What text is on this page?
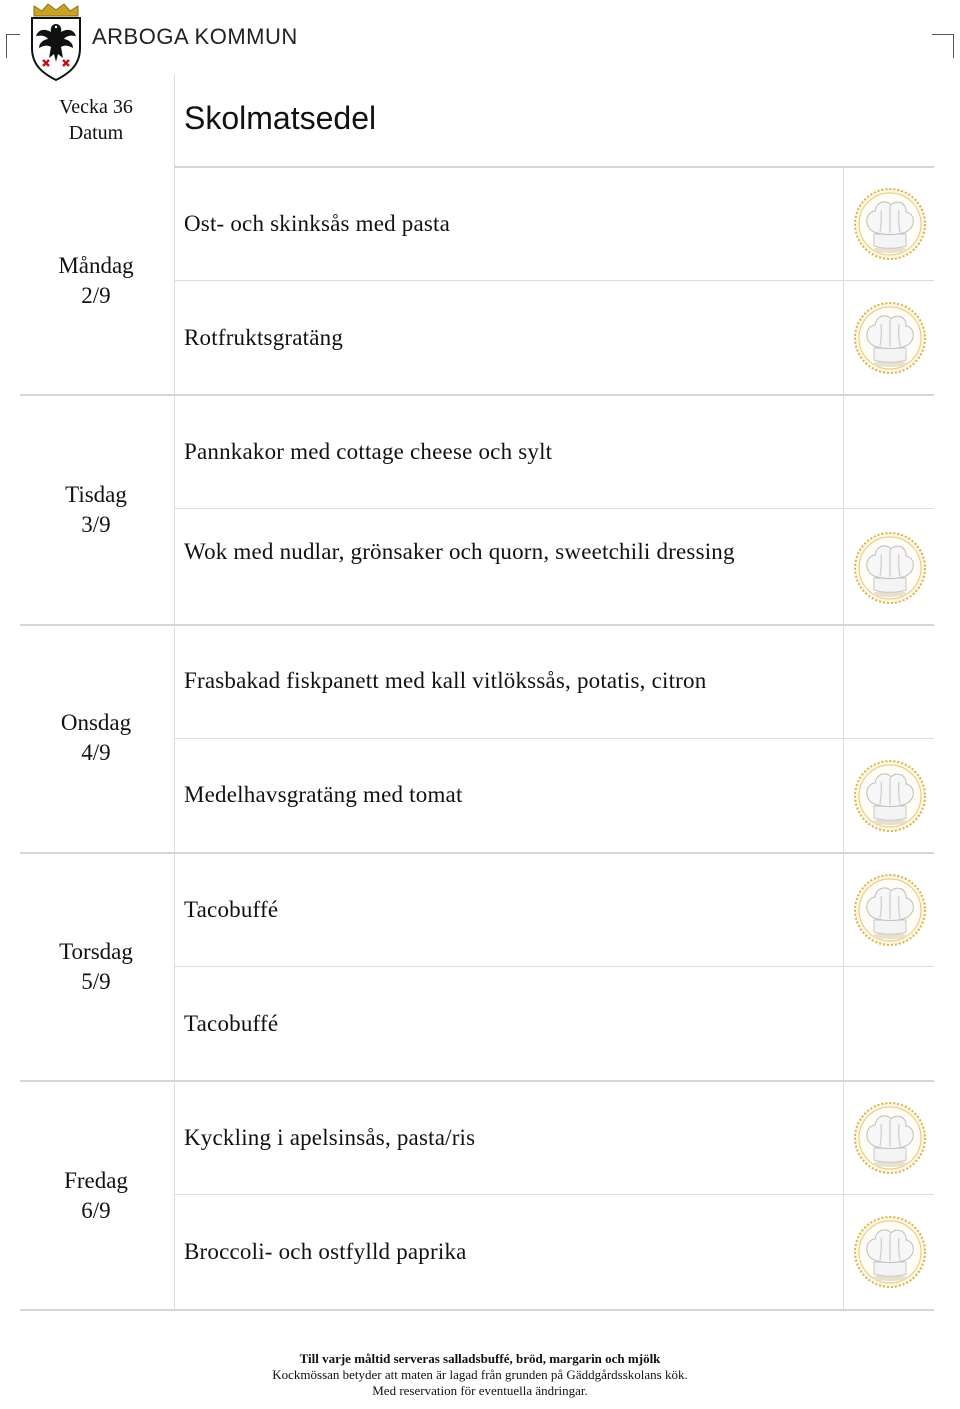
ARBOGA KOMMUN
Vecka 36
Datum	Skolmatsedel
Måndag
2/9
Ost- och skinksås med pasta
Rotfruktsgratäng
Tisdag
3/9
Pannkakor med cottage cheese och sylt
Wok med nudlar, grönsaker och quorn, sweetchili dressing
Onsdag
4/9
Frasbakad fiskpanett med kall vitlökssås, potatis, citron
Medelhavsgratäng med tomat
Torsdag
5/9
Tacobuffé
Tacobuffé
Fredag
6/9
Kyckling i apelsinsås, pasta/ris
Broccoli- och ostfylld paprika
Till varje måltid serveras salladsbuffé, bröd, margarin och mjölk
Kockmössan betyder att maten är lagad från grunden på Gäddgårdsskolans kök.
Med reservation för eventuella ändringar.
